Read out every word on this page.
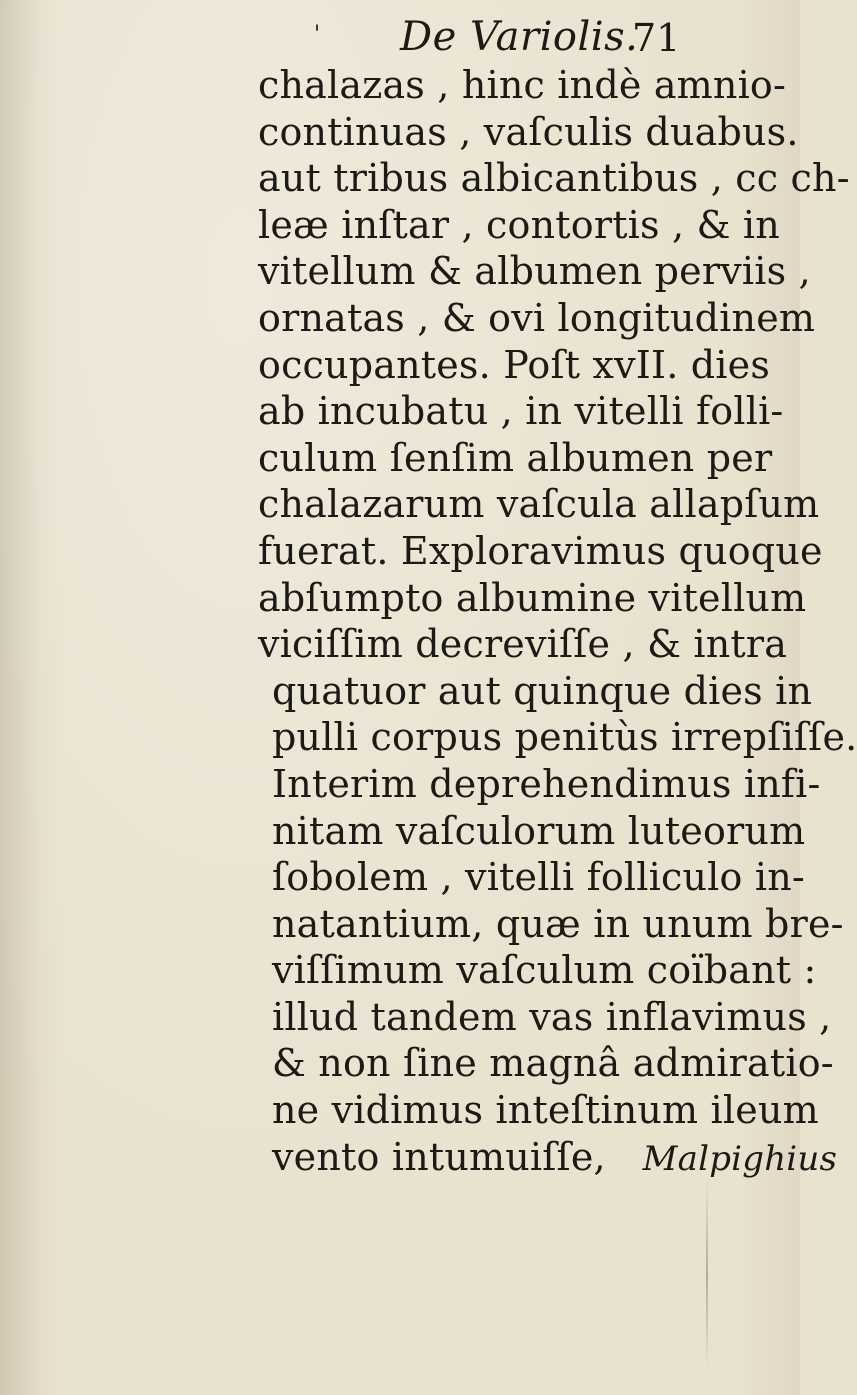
' De Variolis.
71
chalazas , hinc indè amnio-
continuas , vaſculis duabus.
aut tribus albicantibus , cc ch-
leæ inſtar , contortis , & in
vitellum & albumen perviis ,
ornatas , & ovi longitudinem
occupantes. Poſt xvII. dies
ab incubatu , in vitelli folli-
culum ſenſim albumen per
chalazarum vaſcula allapſum
fuerat. Exploravimus quoque
abſumpto albumine vitellum
viciſſim decreviſſe , & intra
quatuor aut quinque dies in
pulli corpus penitùs irrepſiſſe.
Interim deprehendimus infi-
nitam vaſculorum luteorum
ſobolem , vitelli folliculo in-
natantium, quæ in unum bre-
viſſimum vaſculum coïbant :
illud tandem vas inflavimus ,
& non ſine magnâ admiratio-
ne vidimus inteſtinum ileum
vento intumuiſſe, Malpighius
